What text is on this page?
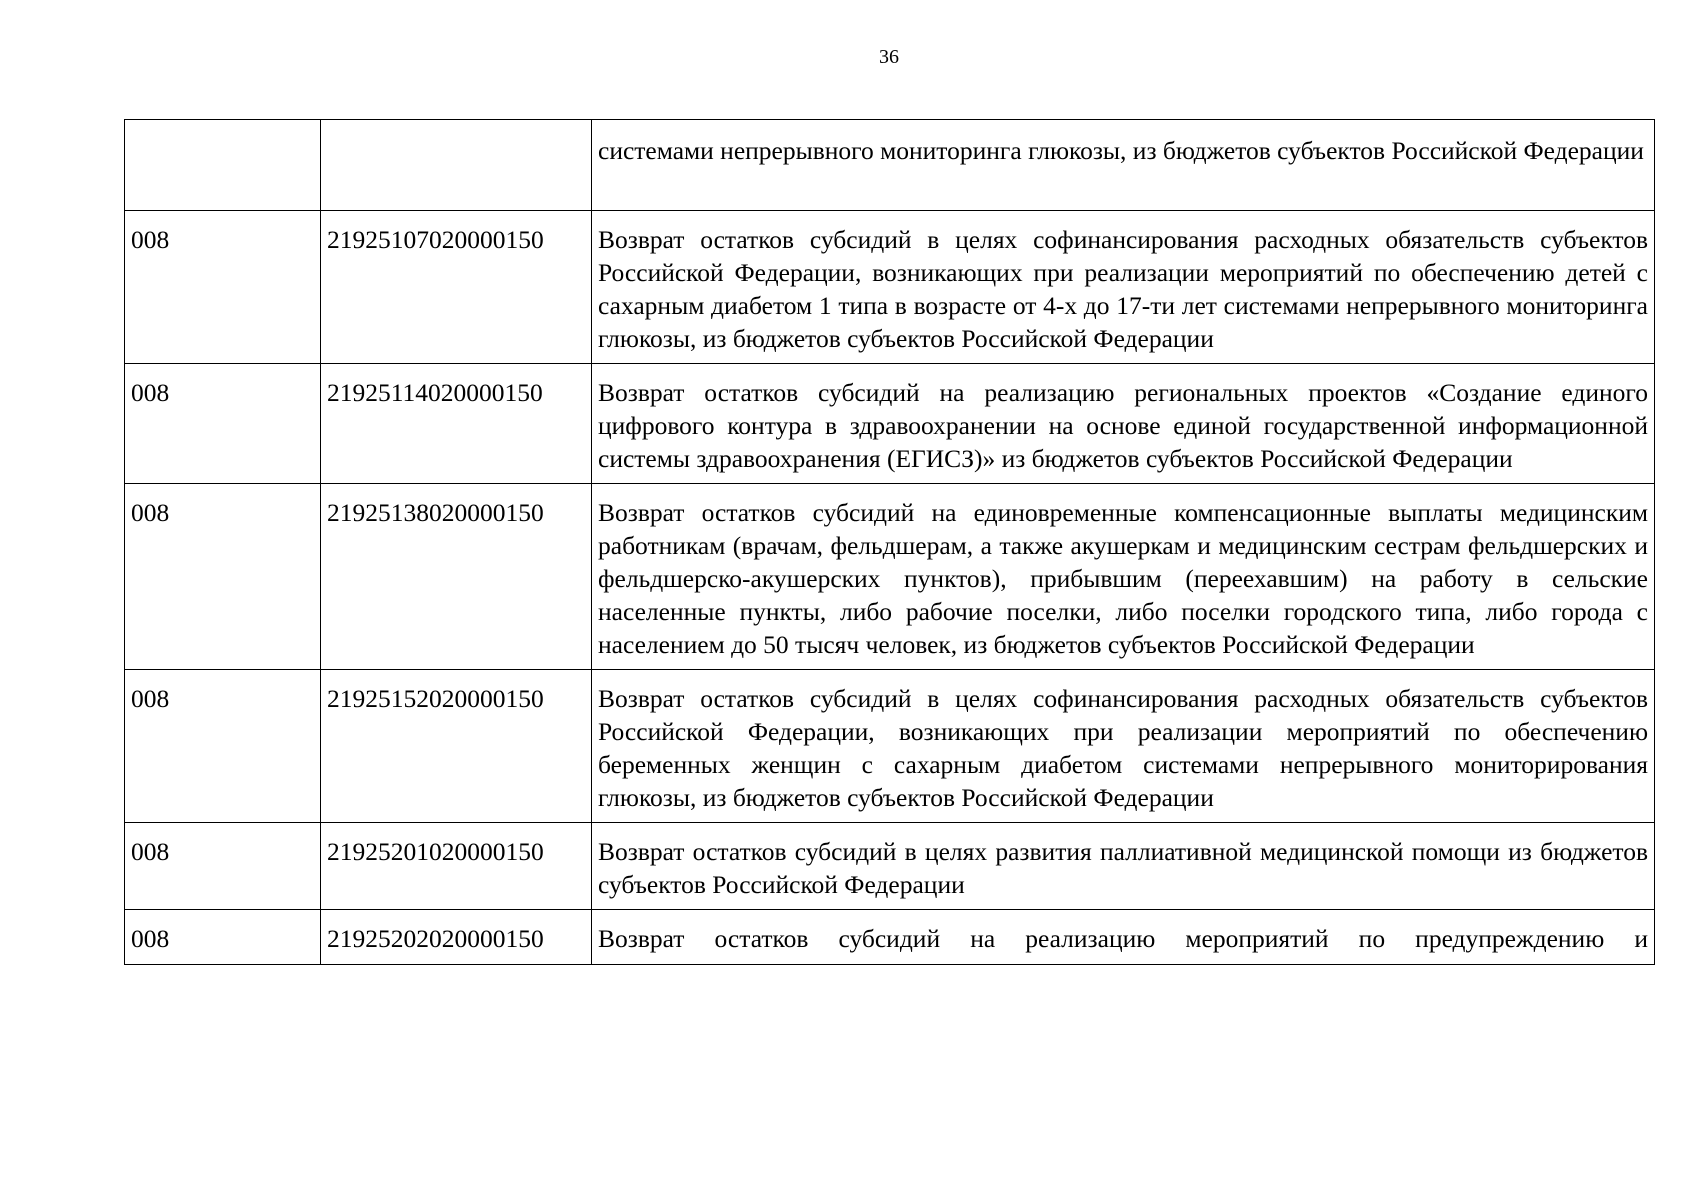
36
		системами непрерывного мониторинга глюкозы, из бюджетов субъектов Российской Федерации
008	21925107020000150	Возврат остатков субсидий в целях софинансирования расходных обязательств субъектов Российской Федерации, возникающих при реализации мероприятий по обеспечению детей с сахарным диабетом 1 типа в возрасте от 4-х до 17-ти лет системами непрерывного мониторинга глюкозы, из бюджетов субъектов Российской Федерации
008	21925114020000150	Возврат остатков субсидий на реализацию региональных проектов «Создание единого цифрового контура в здравоохранении на основе единой государственной информационной системы здравоохранения (ЕГИСЗ)» из бюджетов субъектов Российской Федерации
008	21925138020000150	Возврат остатков субсидий на единовременные компенсационные выплаты медицинским работникам (врачам, фельдшерам, а также акушеркам и медицинским сестрам фельдшерских и фельдшерско-акушерских пунктов), прибывшим (переехавшим) на работу в сельские населенные пункты, либо рабочие поселки, либо поселки городского типа, либо города с населением до 50 тысяч человек, из бюджетов субъектов Российской Федерации
008	21925152020000150	Возврат остатков субсидий в целях софинансирования расходных обязательств субъектов Российской Федерации, возникающих при реализации мероприятий по обеспечению беременных женщин с сахарным диабетом системами непрерывного мониторирования глюкозы, из бюджетов субъектов Российской Федерации
008	21925201020000150	Возврат остатков субсидий в целях развития паллиативной медицинской помощи из бюджетов субъектов Российской Федерации
008	21925202020000150	Возврат остатков субсидий на реализацию мероприятий по предупреждению и
